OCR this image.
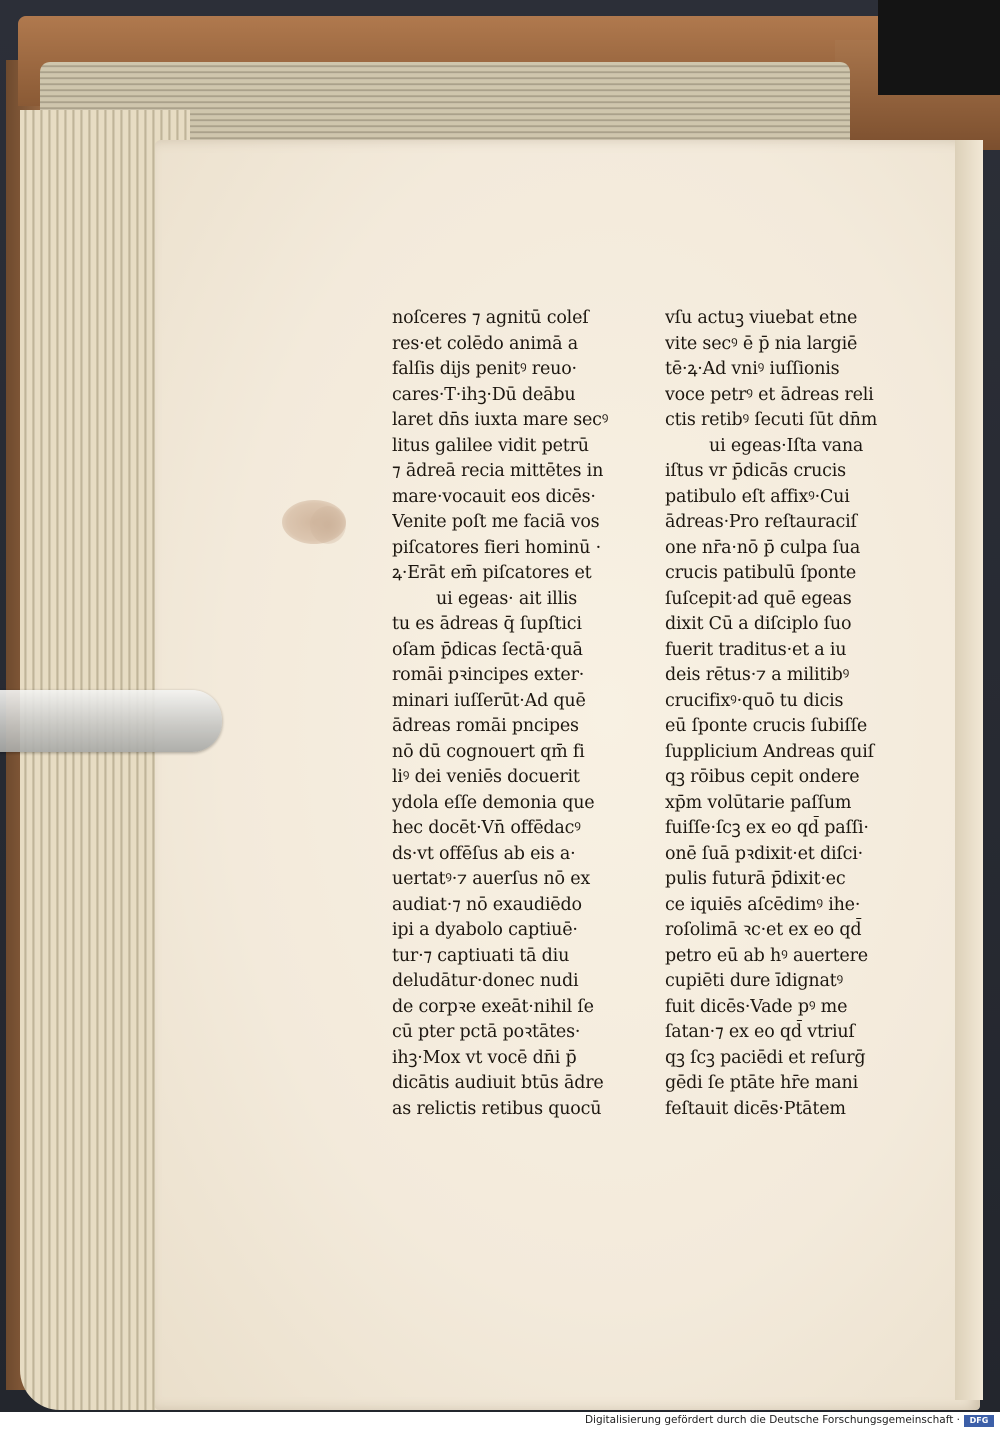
noſceres ⁊ agnitū coleſ
res·et colēdo animā a
falſis dijs penitꝰ reuo·
cares·T·ihꝫ·Dū deābu
laret dn̄s iuxta mare secꝰ
litus galilee vidit petrū
⁊ ādreā recia mittētes in
mare·vocauit eos dicēs·
Venite poſt me faciā vos
piſcatores fieri hominū ·
ꝝ·Erāt em̄ piſcatores et
ui egeas· ait illis
tu es ādreas q̄ ſupſtici
oſam p̄dicas ſectā·quā
romāi pꝛincipes exter·
minari iuſſerūt·Ad quē
ādreas romāi pncipes
nō dū cognouert qm̄ fi
liꝰ dei veniēs docuerit
ydola eſſe demonia que
hec docēt·Vn̄ offēdacꝰ
ds·vt offēſus ab eis a·
uertatꝰ·⁊ auerſus nō ex
audiat·⁊ nō exaudiēdo
ipi a dyabolo captiuē·
tur·⁊ captiuati tā diu
deludātur·donec nudi
de corpꝛe exeāt·nihil ſe
cū pter pctā poꝛtātes·
ihꝫ·Mox vt vocē dn̄i p̄
dicātis audiuit btūs ādre
as relictis retibus quocū
vſu actuꝫ viuebat etne
vite secꝰ ē p̄ nia largiē
tē·ꝝ·Ad vniꝰ iuſſionis
voce petrꝰ et ādreas reli
ctis retibꝰ ſecuti ſūt dn̄m
ui egeas·Iſta vana
iſtus vr p̄dicās crucis
patibulo eſt affixꝰ·Cui
ādreas·Pro reſtauraciſ
one nr̄a·nō p̄ culpa ſua
crucis patibulū ſponte
ſuſcepit·ad quē egeas
dixit Cū a diſciplo ſuo
fuerit traditus·et a iu
deis rētus·⁊ a militibꝰ
crucifixꝰ·quō tu dicis
eū ſponte crucis ſubiſſe
ſupplicium Andreas quiſ
qꝫ rōibus cepit ondere
xp̄m volūtarie paſſum
fuiſſe·ſcꝫ ex eo qd̄ paſſi·
onē ſuā pꝛdixit·et diſci·
pulis futurā p̄dixit·ec
ce iquiēs aſcēdimꝰ ihe·
roſolimā ꝛc·et ex eo qd̄
petro eū ab hꝰ auertere
cupiēti dure īdignatꝰ
fuit dicēs·Vade pꝰ me
ſatan·⁊ ex eo qd̄ vtriuſ
qꝫ ſcꝫ paciēdi et reſurḡ
gēdi ſe ptāte hr̄e mani
feſtauit dicēs·Ptātem
Digitalisierung gefördert durch die Deutsche Forschungsgemeinschaft ·	DFG
